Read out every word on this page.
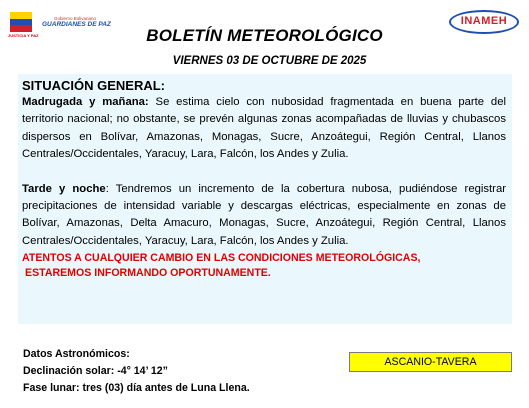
JUSTICIA Y PAZ
Gobierno Bolivariano
GUARDIANES DE PAZ	INAMEH
BOLETÍN METEOROLÓGICO
VIERNES 03 DE OCTUBRE DE 2025
SITUACIÓN GENERAL:

Madrugada y mañana: Se estima cielo con nubosidad fragmentada en buena parte del territorio nacional; no obstante, se prevén algunas zonas acompañadas de lluvias y chubascos dispersos en Bolívar, Amazonas, Monagas, Sucre, Anzoátegui, Región Central, Llanos Centrales/Occidentales, Yaracuy, Lara, Falcón, los Andes y Zulia.

Tarde y noche: Tendremos un incremento de la cobertura nubosa, pudiéndose registrar precipitaciones de intensidad variable y descargas eléctricas, especialmente en zonas de Bolívar, Amazonas, Delta Amacuro, Monagas, Sucre, Anzoátegui, Región Central, Llanos Centrales/Occidentales, Yaracuy, Lara, Falcón, los Andes y Zulia.

ATENTOS A CUALQUIER CAMBIO EN LAS CONDICIONES METEOROLÓGICAS,
ESTAREMOS INFORMANDO OPORTUNAMENTE.
Datos Astronómicos:
Declinación solar: -4° 14’ 12”
Fase lunar: tres (03) día antes de Luna Llena.
ASCANIO-TAVERA
